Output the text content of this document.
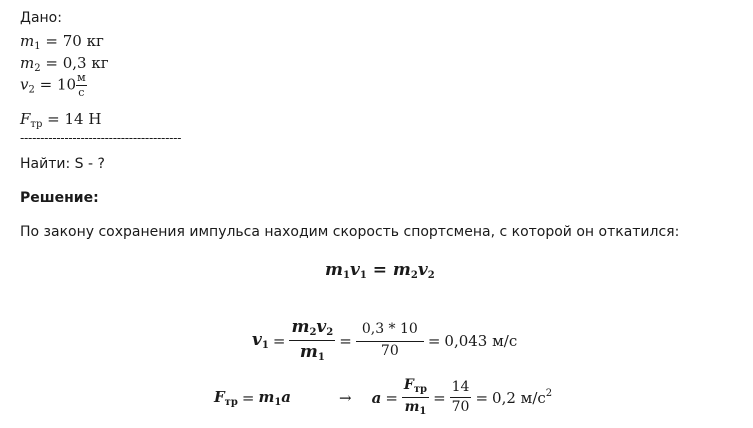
Дано:
$m_1 = 70$ кг
$m_2 = 0,3$ кг
$v_2 = 10 \frac{м}{с}$
$F_{тр} = 14$ Н
----------------------------------------
Найти: S - ?
Решение:
По закону сохранения импульса находим скорость спортсмена, с которой он откатился:
$m_1v_1 = m_2v_2$
$v_1 = \frac{m_2v_2}{m_1} = \frac{0,3 * 10}{70} = 0,043$ м/с
$F_{тр} = m_1a$	→ $a = \frac{F_{тр}}{m_1} = \frac{14}{70} = 0,2$ $м/с^2$
